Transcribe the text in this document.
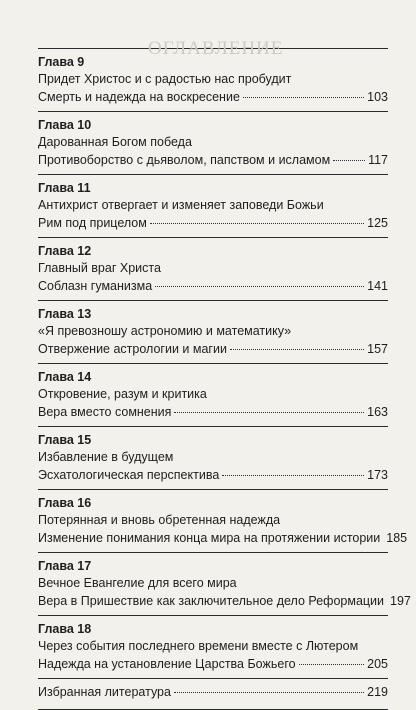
ОГЛАВЛЕНИЕ
Глава 9
Придет Христос и с радостью нас пробудит
Смерть и надежда на воскресение	103
Глава 10
Дарованная Богом победа
Противоборство с дьяволом, папством и исламом	117
Глава 11
Антихрист отвергает и изменяет заповеди Божьи
Рим под прицелом	125
Глава 12
Главный враг Христа
Соблазн гуманизма	141
Глава 13
«Я превозношу астрономию и математику»
Отвержение астрологии и магии	157
Глава 14
Откровение, разум и критика
Вера вместо сомнения	163
Глава 15
Избавление в будущем
Эсхатологическая перспектива	173
Глава 16
Потерянная и вновь обретенная надежда
Изменение понимания конца мира на протяжении истории 185
Глава 17
Вечное Евангелие для всего мира
Вера в Пришествие как заключительное дело Реформации 197
Глава 18
Через события последнего времени вместе с Лютером
Надежда на установление Царства Божьего	205
Избранная литература	219
